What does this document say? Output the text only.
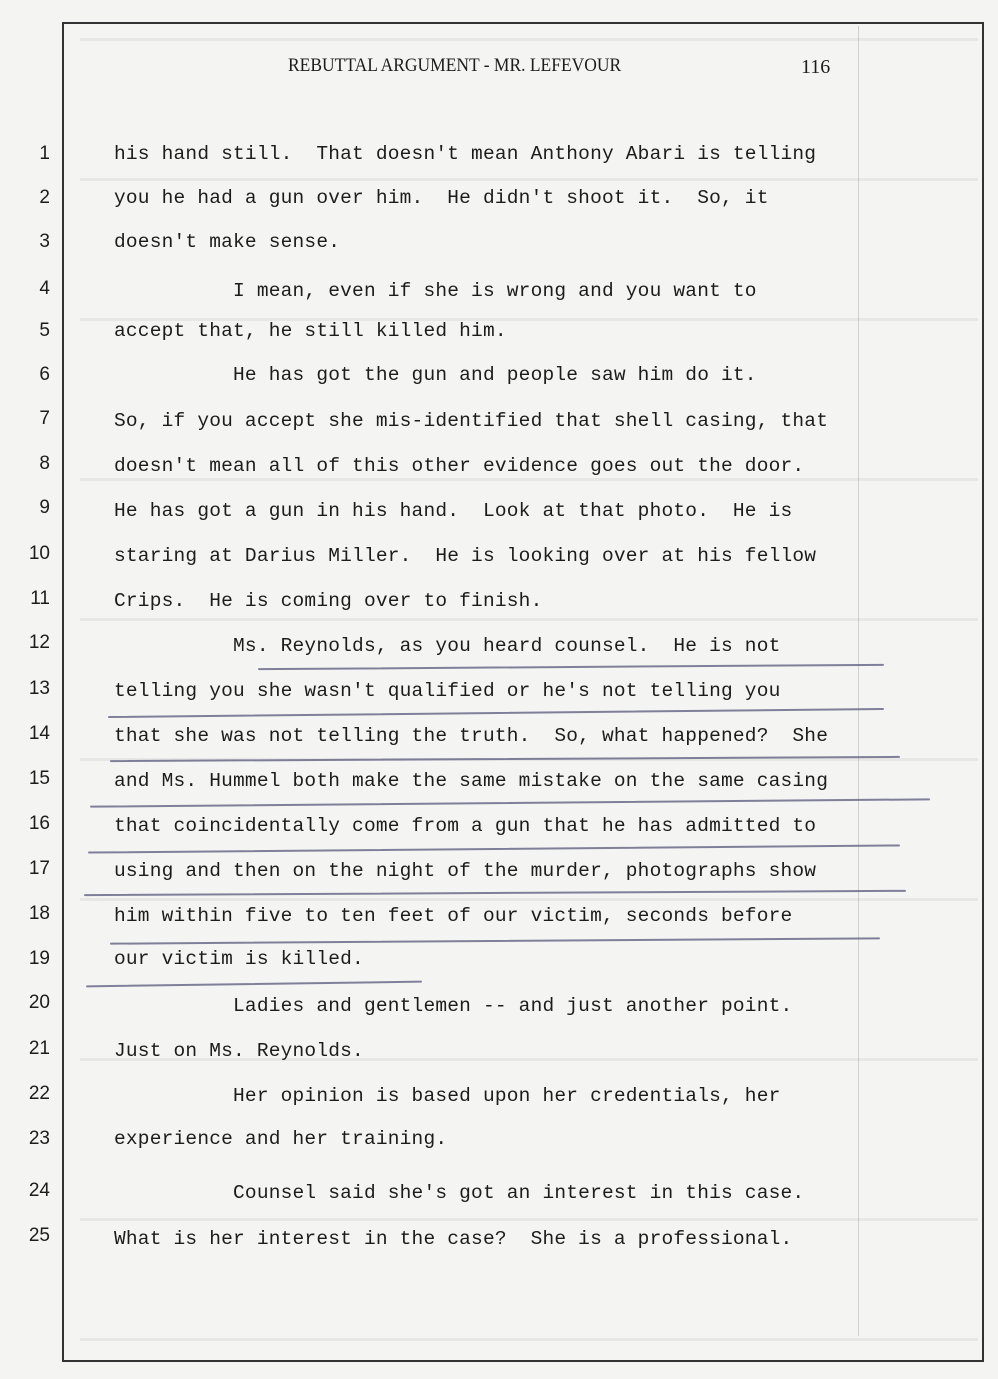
REBUTTAL ARGUMENT - MR. LEFEVOUR	116
1
2
3
4
5
6
7
8
9
10
11
12
13
14
15
16
17
18
19
20
21
22
23
24
25
his hand still.  That doesn't mean Anthony Abari is telling
you he had a gun over him.  He didn't shoot it.  So, it
doesn't make sense.
I mean, even if she is wrong and you want to
accept that, he still killed him.
He has got the gun and people saw him do it.
So, if you accept she mis-identified that shell casing, that
doesn't mean all of this other evidence goes out the door.
He has got a gun in his hand.  Look at that photo.  He is
staring at Darius Miller.  He is looking over at his fellow
Crips.  He is coming over to finish.
Ms. Reynolds, as you heard counsel.  He is not
telling you she wasn't qualified or he's not telling you
that she was not telling the truth.  So, what happened?  She
and Ms. Hummel both make the same mistake on the same casing
that coincidentally come from a gun that he has admitted to
using and then on the night of the murder, photographs show
him within five to ten feet of our victim, seconds before
our victim is killed.
Ladies and gentlemen -- and just another point.
Just on Ms. Reynolds.
Her opinion is based upon her credentials, her
experience and her training.
Counsel said she's got an interest in this case.
What is her interest in the case?  She is a professional.
